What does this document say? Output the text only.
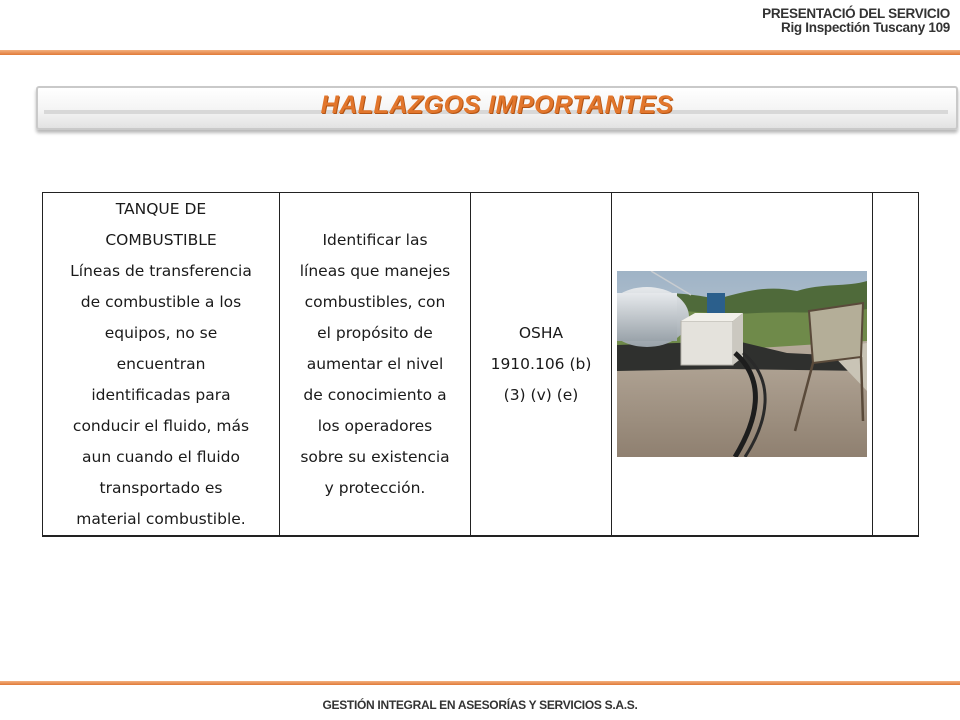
PRESENTACIÓ DEL SERVICIO
Rig Inspectión Tuscany 109
HALLAZGOS IMPORTANTES
TANQUE DE
COMBUSTIBLE
Líneas de transferencia
de combustible a los
equipos, no se
encuentran
identificadas para
conducir el fluido, más
aun cuando el fluido
transportado es
material combustible.	Identificar las
líneas que manejes
combustibles, con
el propósito de
aumentar el nivel
de conocimiento a
los operadores
sobre su existencia
y protección.	OSHA
1910.106 (b)
(3) (v) (e)	

GESTIÓN INTEGRAL EN ASESORÍAS Y SERVICIOS S.A.S.
